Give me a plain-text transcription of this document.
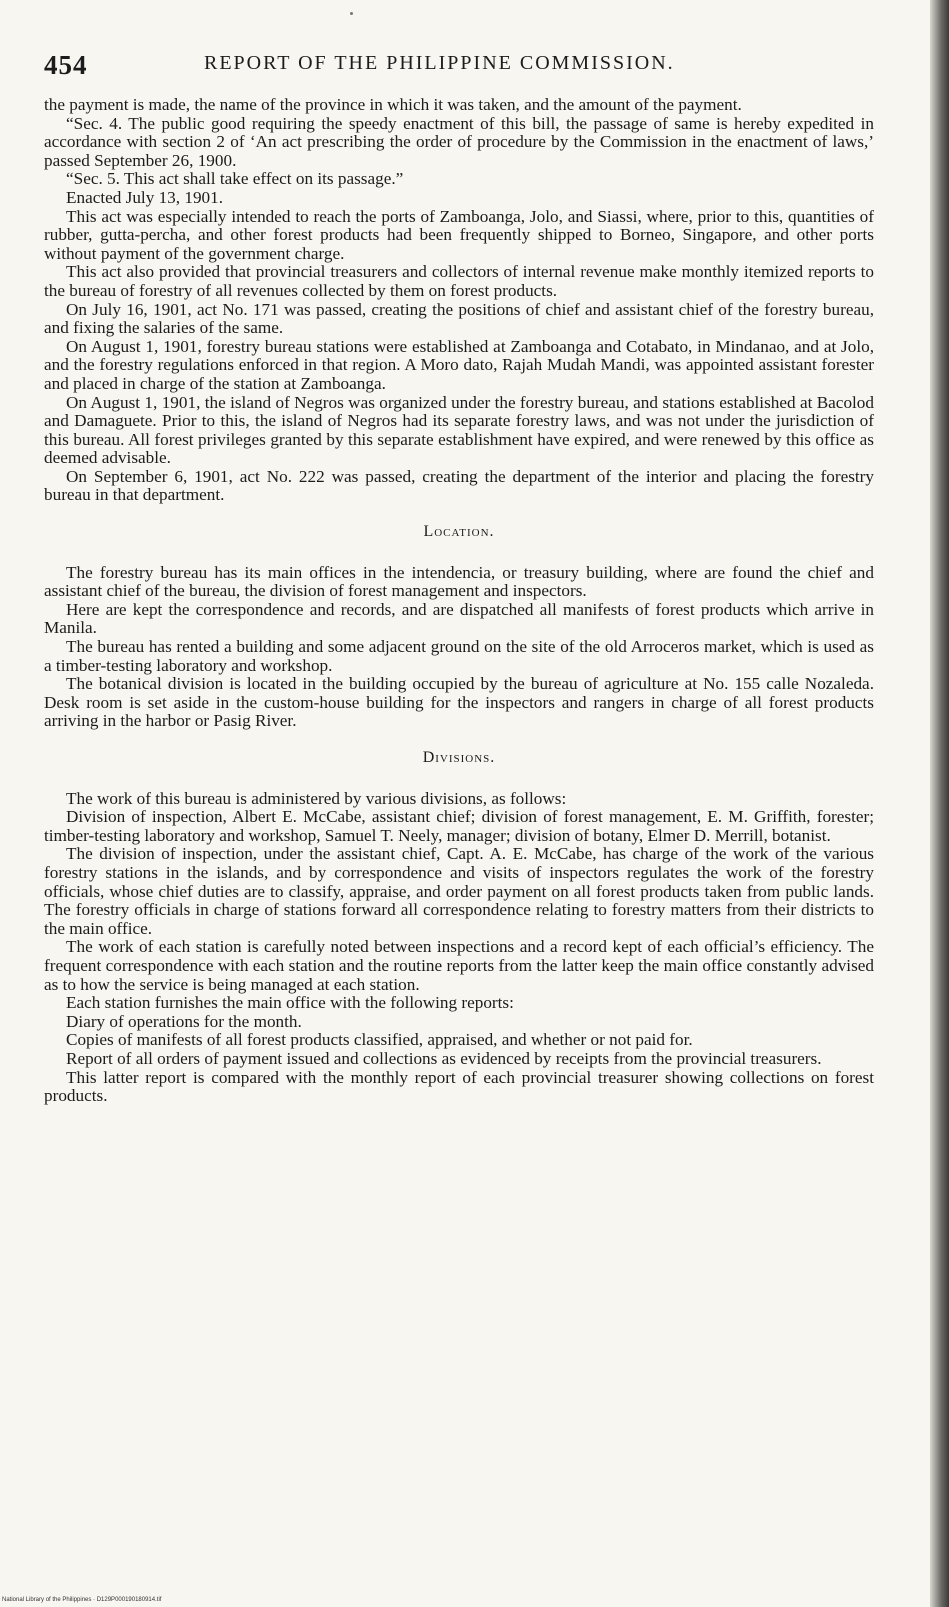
454	REPORT OF THE PHILIPPINE COMMISSION.

the payment is made, the name of the province in which it was taken, and the amount of the payment.

“Sec. 4. The public good requiring the speedy enactment of this bill, the passage of same is hereby expedited in accordance with section 2 of ‘An act prescribing the order of procedure by the Commission in the enactment of laws,’ passed September 26, 1900.

“Sec. 5. This act shall take effect on its passage.”

Enacted July 13, 1901.

This act was especially intended to reach the ports of Zamboanga, Jolo, and Siassi, where, prior to this, quantities of rubber, gutta-percha, and other forest products had been frequently shipped to Borneo, Singapore, and other ports without payment of the government charge.

This act also provided that provincial treasurers and collectors of internal revenue make monthly itemized reports to the bureau of forestry of all revenues collected by them on forest products.

On July 16, 1901, act No. 171 was passed, creating the positions of chief and assistant chief of the forestry bureau, and fixing the salaries of the same.

On August 1, 1901, forestry bureau stations were established at Zamboanga and Cotabato, in Mindanao, and at Jolo, and the forestry regulations enforced in that region. A Moro dato, Rajah Mudah Mandi, was appointed assistant forester and placed in charge of the station at Zamboanga.

On August 1, 1901, the island of Negros was organized under the forestry bureau, and stations established at Bacolod and Damaguete. Prior to this, the island of Negros had its separate forestry laws, and was not under the jurisdiction of this bureau. All forest privileges granted by this separate establishment have expired, and were renewed by this office as deemed advisable.

On September 6, 1901, act No. 222 was passed, creating the department of the interior and placing the forestry bureau in that department.

Location.

The forestry bureau has its main offices in the intendencia, or treasury building, where are found the chief and assistant chief of the bureau, the division of forest management and inspectors.

Here are kept the correspondence and records, and are dispatched all manifests of forest products which arrive in Manila.

The bureau has rented a building and some adjacent ground on the site of the old Arroceros market, which is used as a timber-testing laboratory and workshop.

The botanical division is located in the building occupied by the bureau of agriculture at No. 155 calle Nozaleda. Desk room is set aside in the custom-house building for the inspectors and rangers in charge of all forest products arriving in the harbor or Pasig River.

Divisions.

The work of this bureau is administered by various divisions, as follows:

Division of inspection, Albert E. McCabe, assistant chief; division of forest management, E. M. Griffith, forester; timber-testing laboratory and workshop, Samuel T. Neely, manager; division of botany, Elmer D. Merrill, botanist.

The division of inspection, under the assistant chief, Capt. A. E. McCabe, has charge of the work of the various forestry stations in the islands, and by correspondence and visits of inspectors regulates the work of the forestry officials, whose chief duties are to classify, appraise, and order payment on all forest products taken from public lands. The forestry officials in charge of stations forward all correspondence relating to forestry matters from their districts to the main office.

The work of each station is carefully noted between inspections and a record kept of each official’s efficiency. The frequent correspondence with each station and the routine reports from the latter keep the main office constantly advised as to how the service is being managed at each station.

Each station furnishes the main office with the following reports:

Diary of operations for the month.

Copies of manifests of all forest products classified, appraised, and whether or not paid for.

Report of all orders of payment issued and collections as evidenced by receipts from the provincial treasurers.

This latter report is compared with the monthly report of each provincial treasurer showing collections on forest products.

National Library of the Philippines · D129P000190180914.tif
